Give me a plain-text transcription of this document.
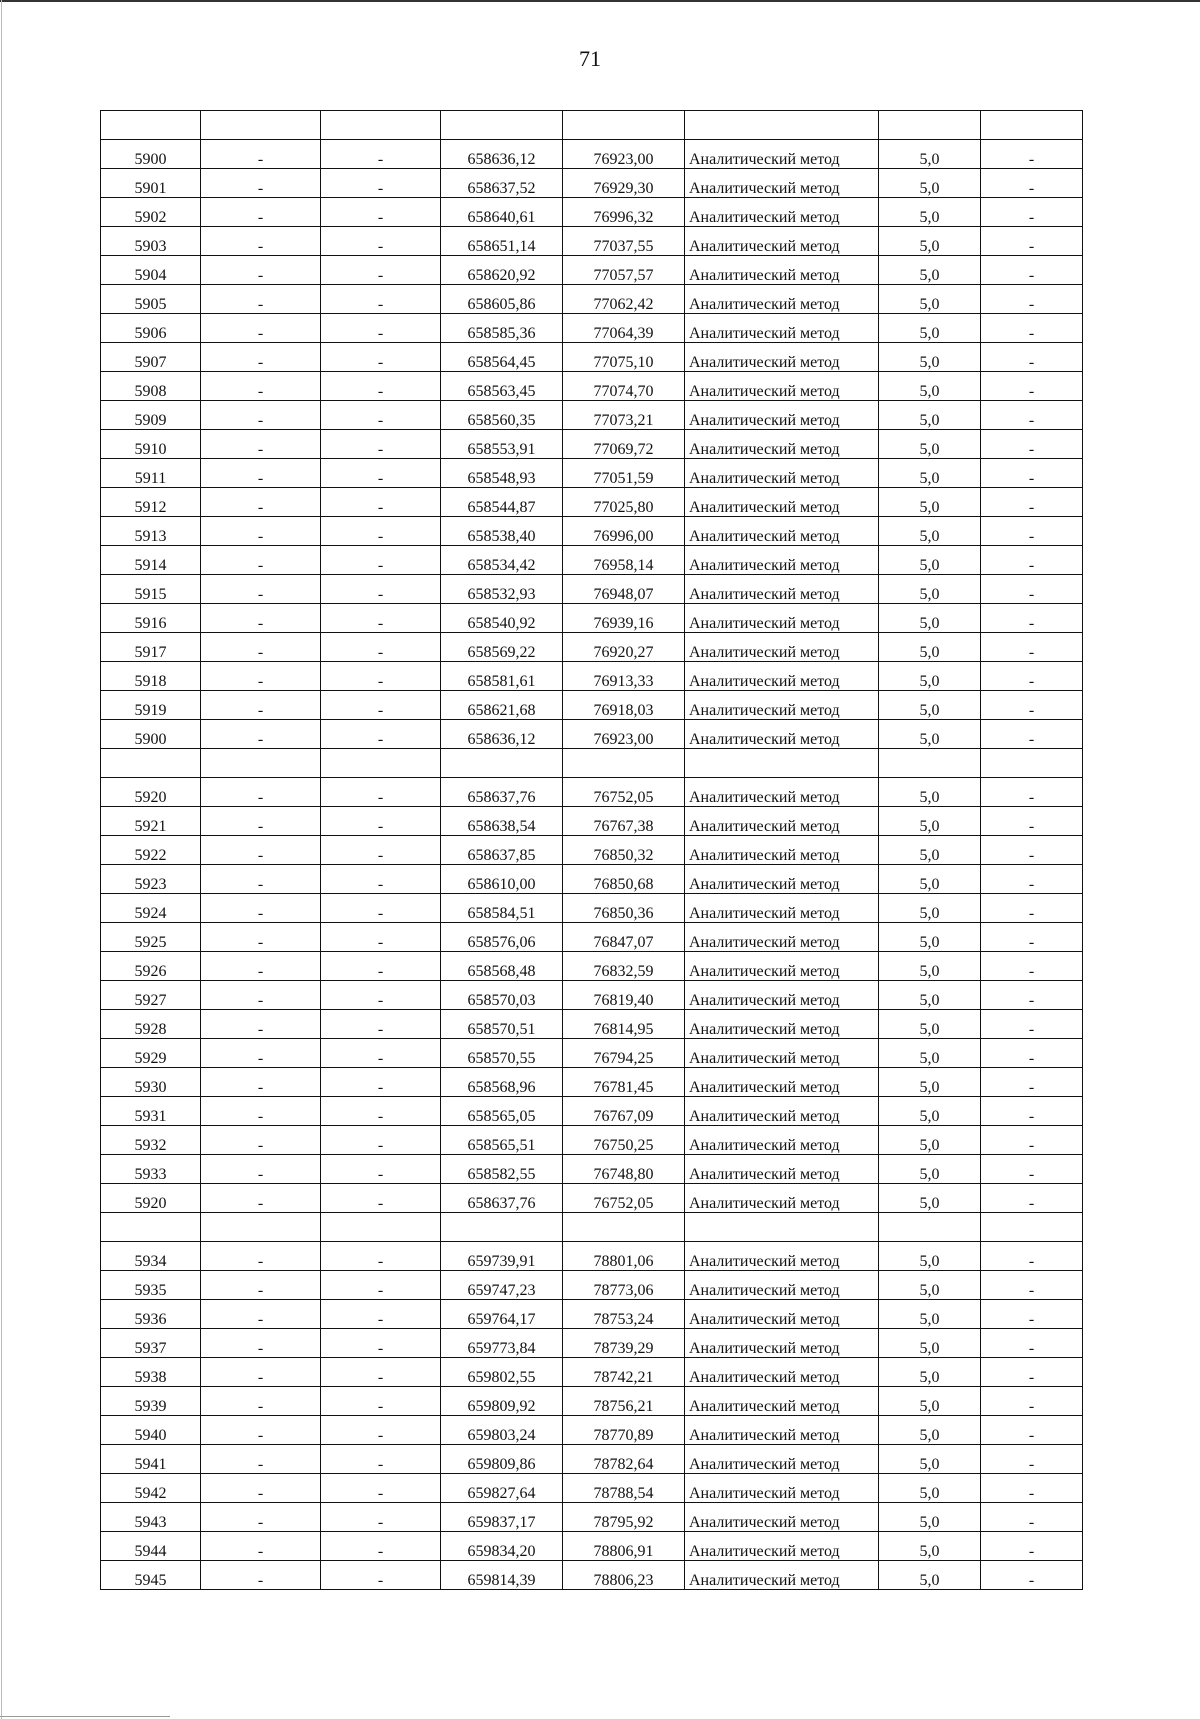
71

5900	-	-	658636,12	76923,00	Аналитический метод	5,0	-
5901	-	-	658637,52	76929,30	Аналитический метод	5,0	-
5902	-	-	658640,61	76996,32	Аналитический метод	5,0	-
5903	-	-	658651,14	77037,55	Аналитический метод	5,0	-
5904	-	-	658620,92	77057,57	Аналитический метод	5,0	-
5905	-	-	658605,86	77062,42	Аналитический метод	5,0	-
5906	-	-	658585,36	77064,39	Аналитический метод	5,0	-
5907	-	-	658564,45	77075,10	Аналитический метод	5,0	-
5908	-	-	658563,45	77074,70	Аналитический метод	5,0	-
5909	-	-	658560,35	77073,21	Аналитический метод	5,0	-
5910	-	-	658553,91	77069,72	Аналитический метод	5,0	-
5911	-	-	658548,93	77051,59	Аналитический метод	5,0	-
5912	-	-	658544,87	77025,80	Аналитический метод	5,0	-
5913	-	-	658538,40	76996,00	Аналитический метод	5,0	-
5914	-	-	658534,42	76958,14	Аналитический метод	5,0	-
5915	-	-	658532,93	76948,07	Аналитический метод	5,0	-
5916	-	-	658540,92	76939,16	Аналитический метод	5,0	-
5917	-	-	658569,22	76920,27	Аналитический метод	5,0	-
5918	-	-	658581,61	76913,33	Аналитический метод	5,0	-
5919	-	-	658621,68	76918,03	Аналитический метод	5,0	-
5900	-	-	658636,12	76923,00	Аналитический метод	5,0	-

5920	-	-	658637,76	76752,05	Аналитический метод	5,0	-
5921	-	-	658638,54	76767,38	Аналитический метод	5,0	-
5922	-	-	658637,85	76850,32	Аналитический метод	5,0	-
5923	-	-	658610,00	76850,68	Аналитический метод	5,0	-
5924	-	-	658584,51	76850,36	Аналитический метод	5,0	-
5925	-	-	658576,06	76847,07	Аналитический метод	5,0	-
5926	-	-	658568,48	76832,59	Аналитический метод	5,0	-
5927	-	-	658570,03	76819,40	Аналитический метод	5,0	-
5928	-	-	658570,51	76814,95	Аналитический метод	5,0	-
5929	-	-	658570,55	76794,25	Аналитический метод	5,0	-
5930	-	-	658568,96	76781,45	Аналитический метод	5,0	-
5931	-	-	658565,05	76767,09	Аналитический метод	5,0	-
5932	-	-	658565,51	76750,25	Аналитический метод	5,0	-
5933	-	-	658582,55	76748,80	Аналитический метод	5,0	-
5920	-	-	658637,76	76752,05	Аналитический метод	5,0	-

5934	-	-	659739,91	78801,06	Аналитический метод	5,0	-
5935	-	-	659747,23	78773,06	Аналитический метод	5,0	-
5936	-	-	659764,17	78753,24	Аналитический метод	5,0	-
5937	-	-	659773,84	78739,29	Аналитический метод	5,0	-
5938	-	-	659802,55	78742,21	Аналитический метод	5,0	-
5939	-	-	659809,92	78756,21	Аналитический метод	5,0	-
5940	-	-	659803,24	78770,89	Аналитический метод	5,0	-
5941	-	-	659809,86	78782,64	Аналитический метод	5,0	-
5942	-	-	659827,64	78788,54	Аналитический метод	5,0	-
5943	-	-	659837,17	78795,92	Аналитический метод	5,0	-
5944	-	-	659834,20	78806,91	Аналитический метод	5,0	-
5945	-	-	659814,39	78806,23	Аналитический метод	5,0	-
